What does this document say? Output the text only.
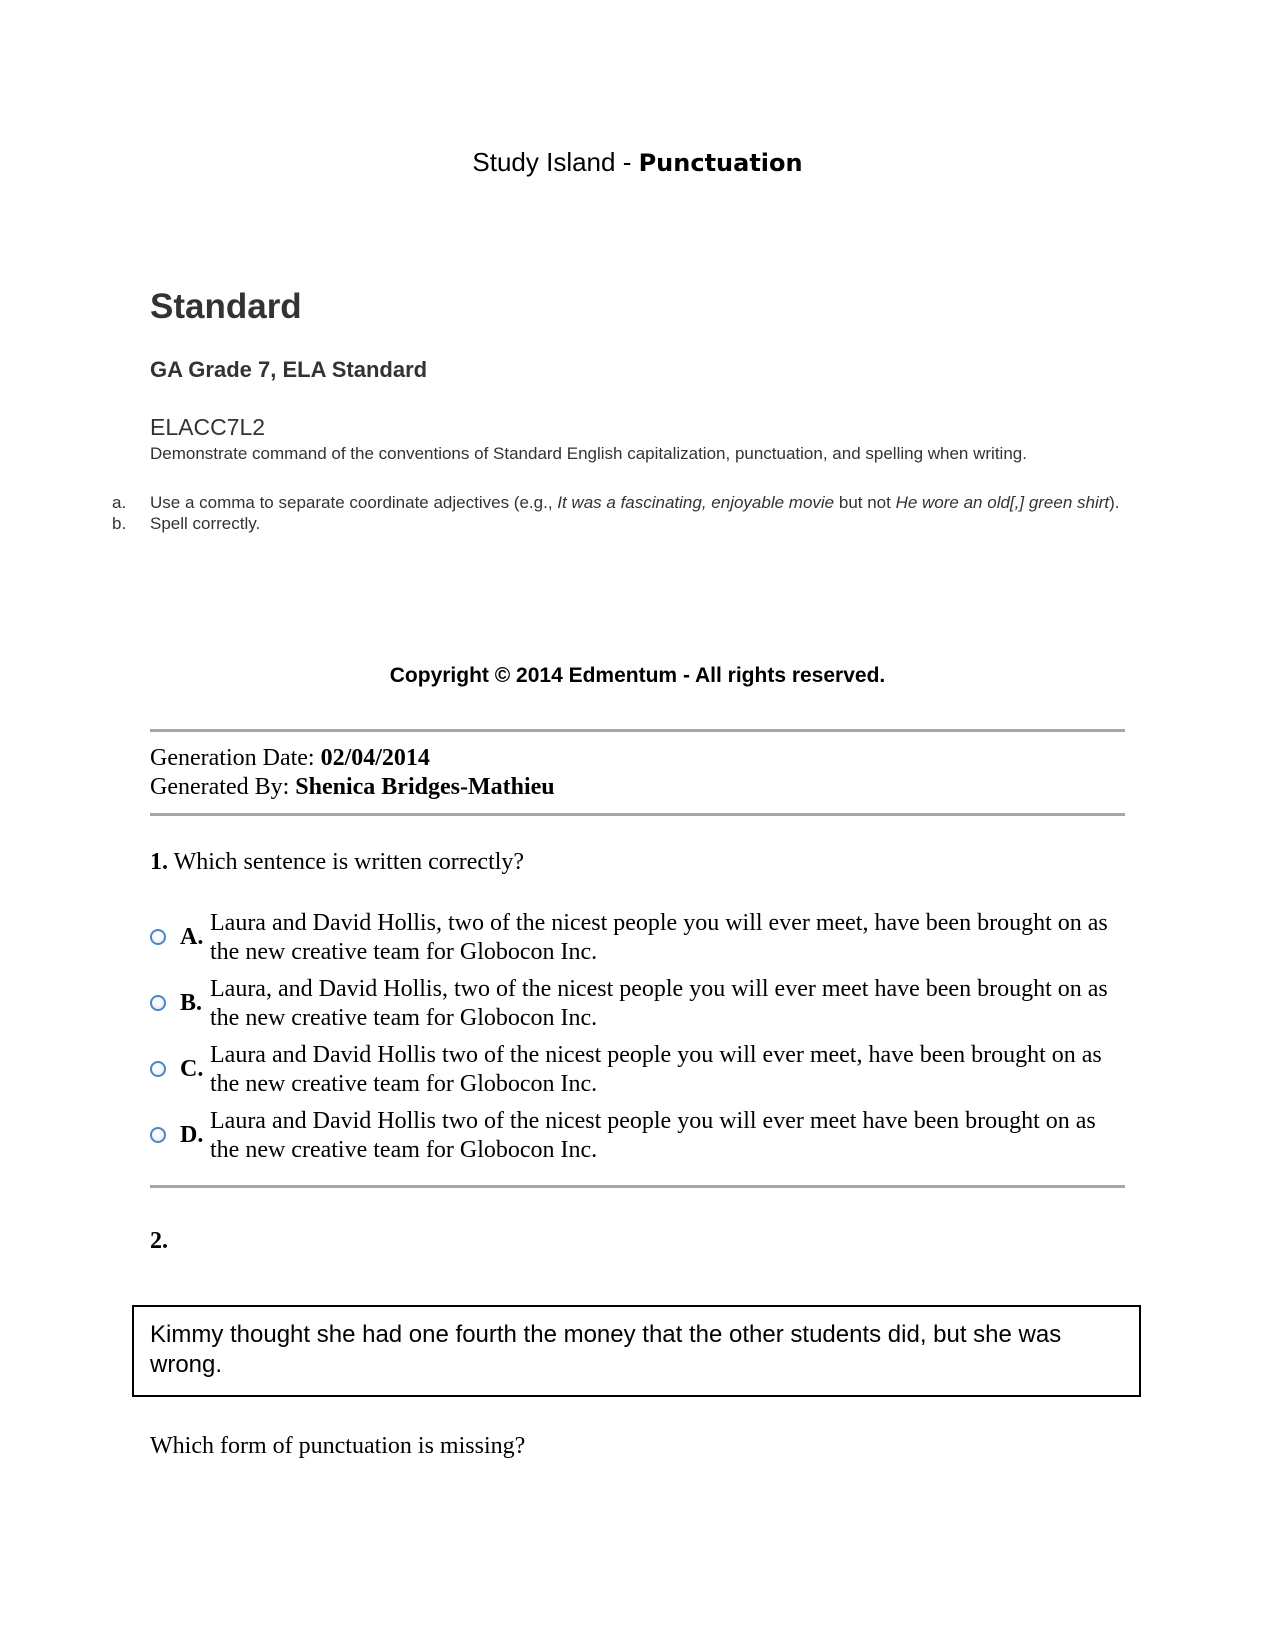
Study Island - Punctuation
Standard
GA Grade 7, ELA Standard
ELACC7L2
Demonstrate command of the conventions of Standard English capitalization, punctuation, and spelling when writing.
a. Use a comma to separate coordinate adjectives (e.g., It was a fascinating, enjoyable movie but not He wore an old[,] green shirt).
b. Spell correctly.
Copyright © 2014 Edmentum - All rights reserved.
Generation Date: 02/04/2014
Generated By: Shenica Bridges-Mathieu
1. Which sentence is written correctly?
A.
Laura and David Hollis, two of the nicest people you will ever meet, have been brought on as the new creative team for Globocon Inc.
B.
Laura, and David Hollis, two of the nicest people you will ever meet have been brought on as the new creative team for Globocon Inc.
C.
Laura and David Hollis two of the nicest people you will ever meet, have been brought on as the new creative team for Globocon Inc.
D.
Laura and David Hollis two of the nicest people you will ever meet have been brought on as the new creative team for Globocon Inc.
2.
Kimmy thought she had one fourth the money that the other students did, but she was wrong.
Which form of punctuation is missing?
